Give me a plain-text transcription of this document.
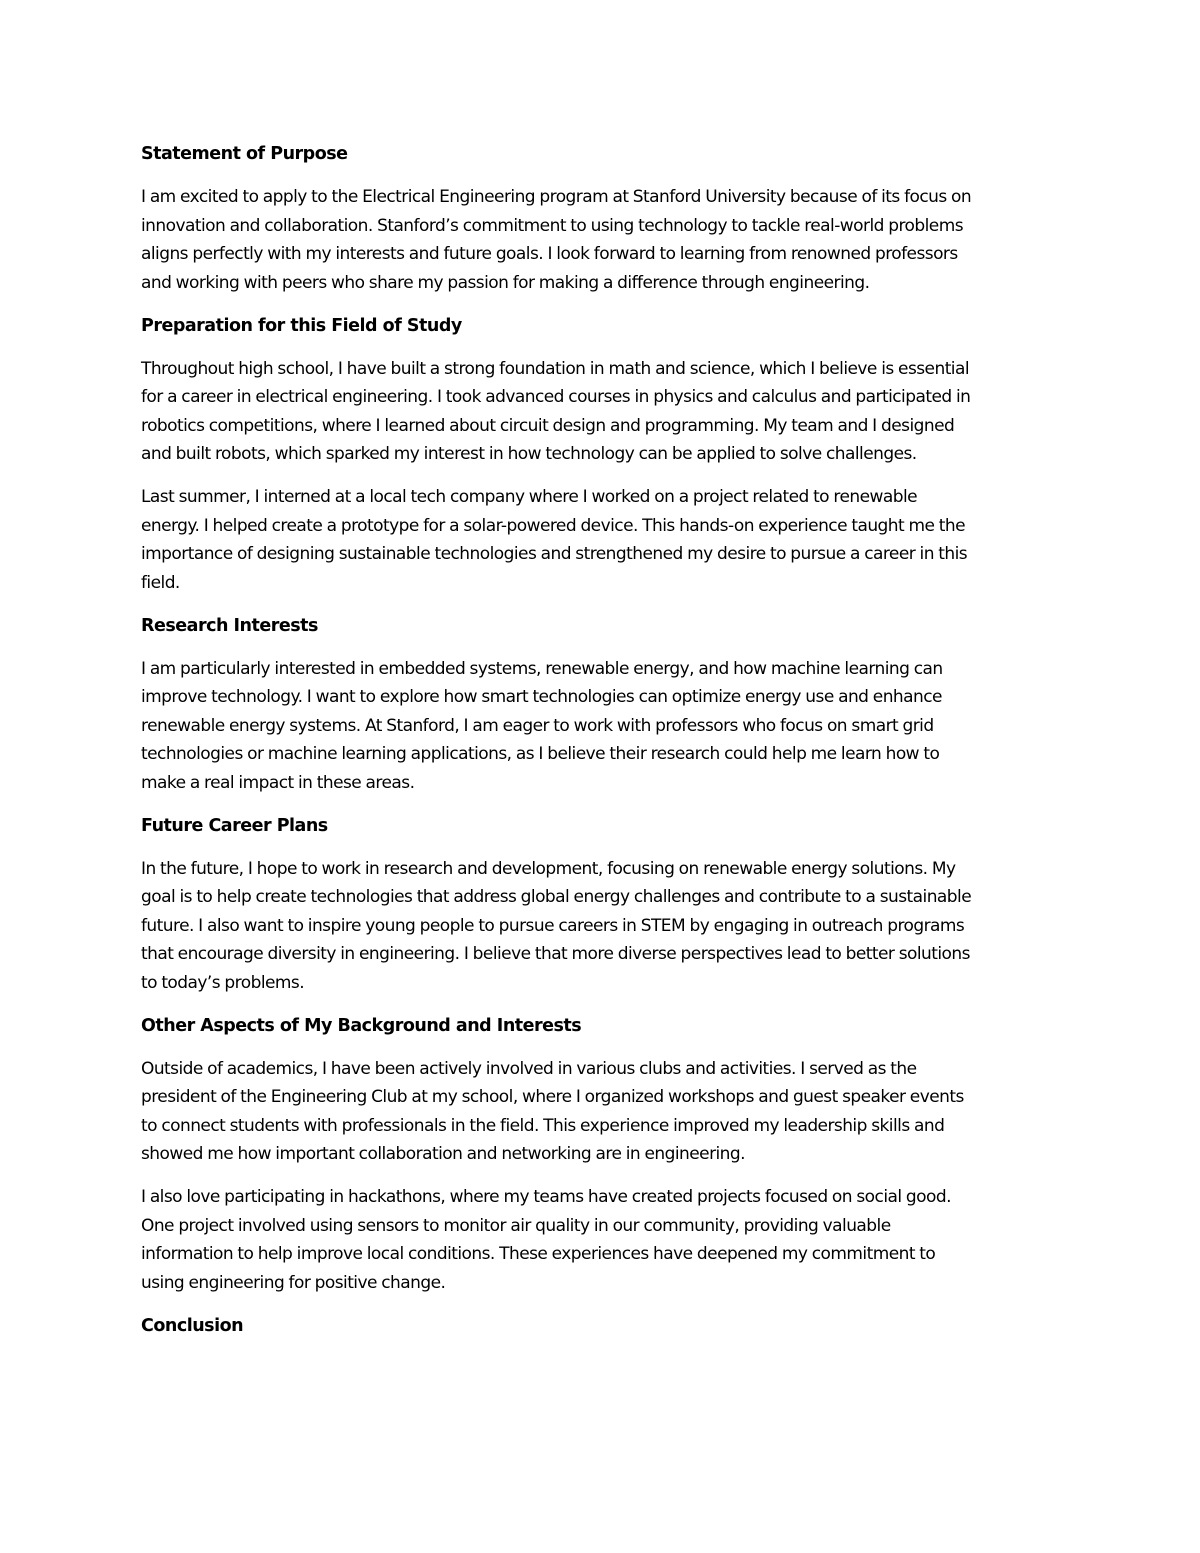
Statement of Purpose
I am excited to apply to the Electrical Engineering program at Stanford University because of its focus on
innovation and collaboration. Stanford’s commitment to using technology to tackle real-world problems
aligns perfectly with my interests and future goals. I look forward to learning from renowned professors
and working with peers who share my passion for making a difference through engineering.
Preparation for this Field of Study
Throughout high school, I have built a strong foundation in math and science, which I believe is essential
for a career in electrical engineering. I took advanced courses in physics and calculus and participated in
robotics competitions, where I learned about circuit design and programming. My team and I designed
and built robots, which sparked my interest in how technology can be applied to solve challenges.
Last summer, I interned at a local tech company where I worked on a project related to renewable
energy. I helped create a prototype for a solar-powered device. This hands-on experience taught me the
importance of designing sustainable technologies and strengthened my desire to pursue a career in this
field.
Research Interests
I am particularly interested in embedded systems, renewable energy, and how machine learning can
improve technology. I want to explore how smart technologies can optimize energy use and enhance
renewable energy systems. At Stanford, I am eager to work with professors who focus on smart grid
technologies or machine learning applications, as I believe their research could help me learn how to
make a real impact in these areas.
Future Career Plans
In the future, I hope to work in research and development, focusing on renewable energy solutions. My
goal is to help create technologies that address global energy challenges and contribute to a sustainable
future. I also want to inspire young people to pursue careers in STEM by engaging in outreach programs
that encourage diversity in engineering. I believe that more diverse perspectives lead to better solutions
to today’s problems.
Other Aspects of My Background and Interests
Outside of academics, I have been actively involved in various clubs and activities. I served as the
president of the Engineering Club at my school, where I organized workshops and guest speaker events
to connect students with professionals in the field. This experience improved my leadership skills and
showed me how important collaboration and networking are in engineering.
I also love participating in hackathons, where my teams have created projects focused on social good.
One project involved using sensors to monitor air quality in our community, providing valuable
information to help improve local conditions. These experiences have deepened my commitment to
using engineering for positive change.
Conclusion
